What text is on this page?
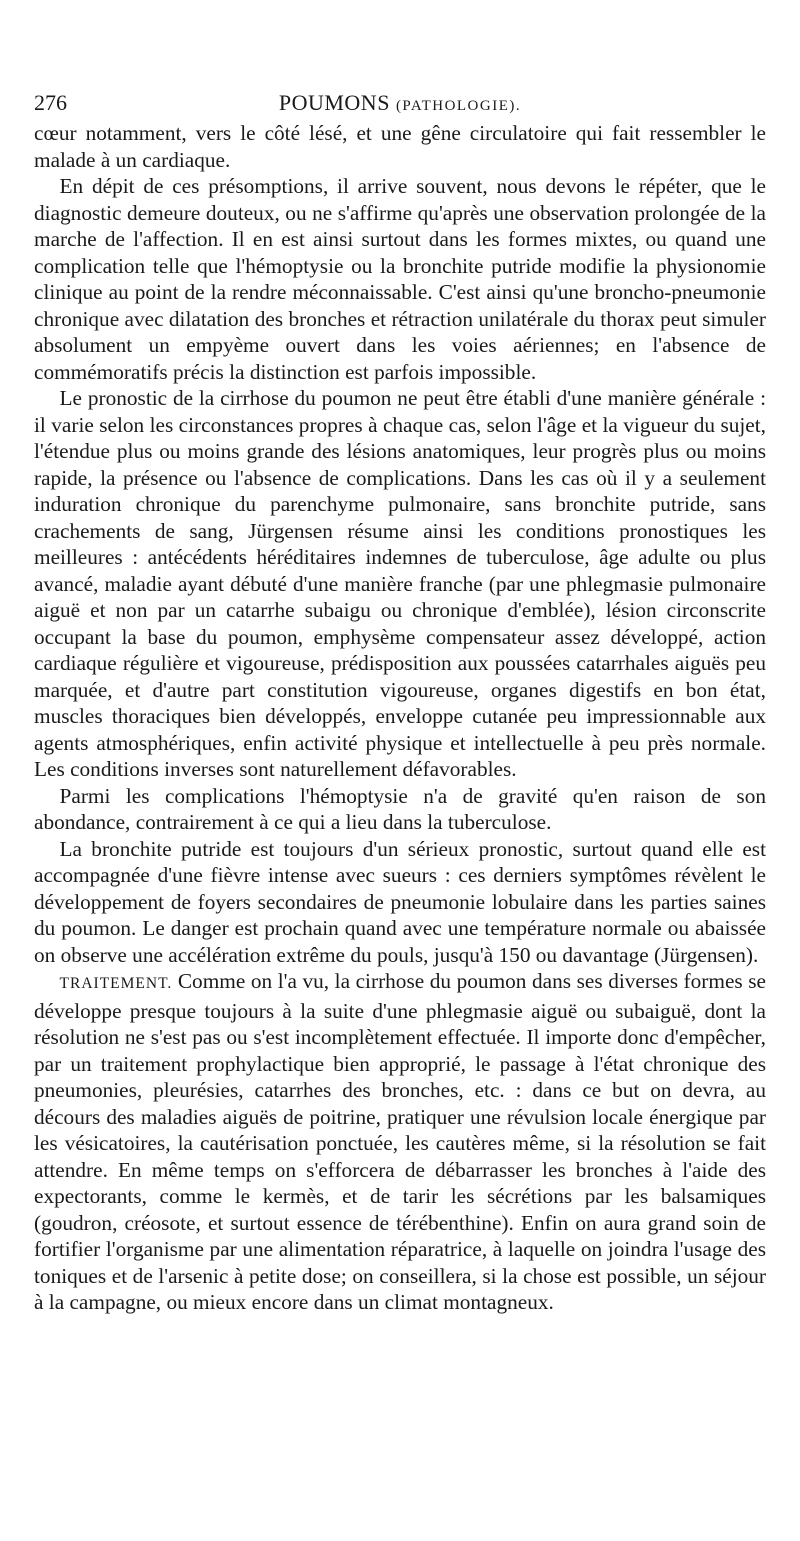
276	POUMONS (PATHOLOGIE).

cœur notamment, vers le côté lésé, et une gêne circulatoire qui fait ressembler le malade à un cardiaque.

En dépit de ces présomptions, il arrive souvent, nous devons le répéter, que le diagnostic demeure douteux, ou ne s'affirme qu'après une observation prolongée de la marche de l'affection. Il en est ainsi surtout dans les formes mixtes, ou quand une complication telle que l'hémoptysie ou la bronchite putride modifie la physionomie clinique au point de la rendre méconnaissable. C'est ainsi qu'une broncho-pneumonie chronique avec dilatation des bronches et rétraction unilatérale du thorax peut simuler absolument un empyème ouvert dans les voies aériennes; en l'absence de commémoratifs précis la distinction est parfois impossible.

Le pronostic de la cirrhose du poumon ne peut être établi d'une manière générale : il varie selon les circonstances propres à chaque cas, selon l'âge et la vigueur du sujet, l'étendue plus ou moins grande des lésions anatomiques, leur progrès plus ou moins rapide, la présence ou l'absence de complications. Dans les cas où il y a seulement induration chronique du parenchyme pulmonaire, sans bronchite putride, sans crachements de sang, Jürgensen résume ainsi les conditions pronostiques les meilleures : antécédents héréditaires indemnes de tuberculose, âge adulte ou plus avancé, maladie ayant débuté d'une manière franche (par une phlegmasie pulmonaire aiguë et non par un catarrhe subaigu ou chronique d'emblée), lésion circonscrite occupant la base du poumon, emphysème compensateur assez développé, action cardiaque régulière et vigoureuse, prédisposition aux poussées catarrhales aiguës peu marquée, et d'autre part constitution vigoureuse, organes digestifs en bon état, muscles thoraciques bien développés, enveloppe cutanée peu impressionnable aux agents atmosphériques, enfin activité physique et intellectuelle à peu près normale. Les conditions inverses sont naturellement défavorables.

Parmi les complications l'hémoptysie n'a de gravité qu'en raison de son abondance, contrairement à ce qui a lieu dans la tuberculose.

La bronchite putride est toujours d'un sérieux pronostic, surtout quand elle est accompagnée d'une fièvre intense avec sueurs : ces derniers symptômes révèlent le développement de foyers secondaires de pneumonie lobulaire dans les parties saines du poumon. Le danger est prochain quand avec une température normale ou abaissée on observe une accélération extrême du pouls, jusqu'à 150 ou davantage (Jürgensen).

TRAITEMENT. Comme on l'a vu, la cirrhose du poumon dans ses diverses formes se développe presque toujours à la suite d'une phlegmasie aiguë ou subaiguë, dont la résolution ne s'est pas ou s'est incomplètement effectuée. Il importe donc d'empêcher, par un traitement prophylactique bien approprié, le passage à l'état chronique des pneumonies, pleurésies, catarrhes des bronches, etc. : dans ce but on devra, au décours des maladies aiguës de poitrine, pratiquer une révulsion locale énergique par les vésicatoires, la cautérisation ponctuée, les cautères même, si la résolution se fait attendre. En même temps on s'efforcera de débarrasser les bronches à l'aide des expectorants, comme le kermès, et de tarir les sécrétions par les balsamiques (goudron, créosote, et surtout essence de térébenthine). Enfin on aura grand soin de fortifier l'organisme par une alimentation réparatrice, à laquelle on joindra l'usage des toniques et de l'arsenic à petite dose; on conseillera, si la chose est possible, un séjour à la campagne, ou mieux encore dans un climat montagneux.
